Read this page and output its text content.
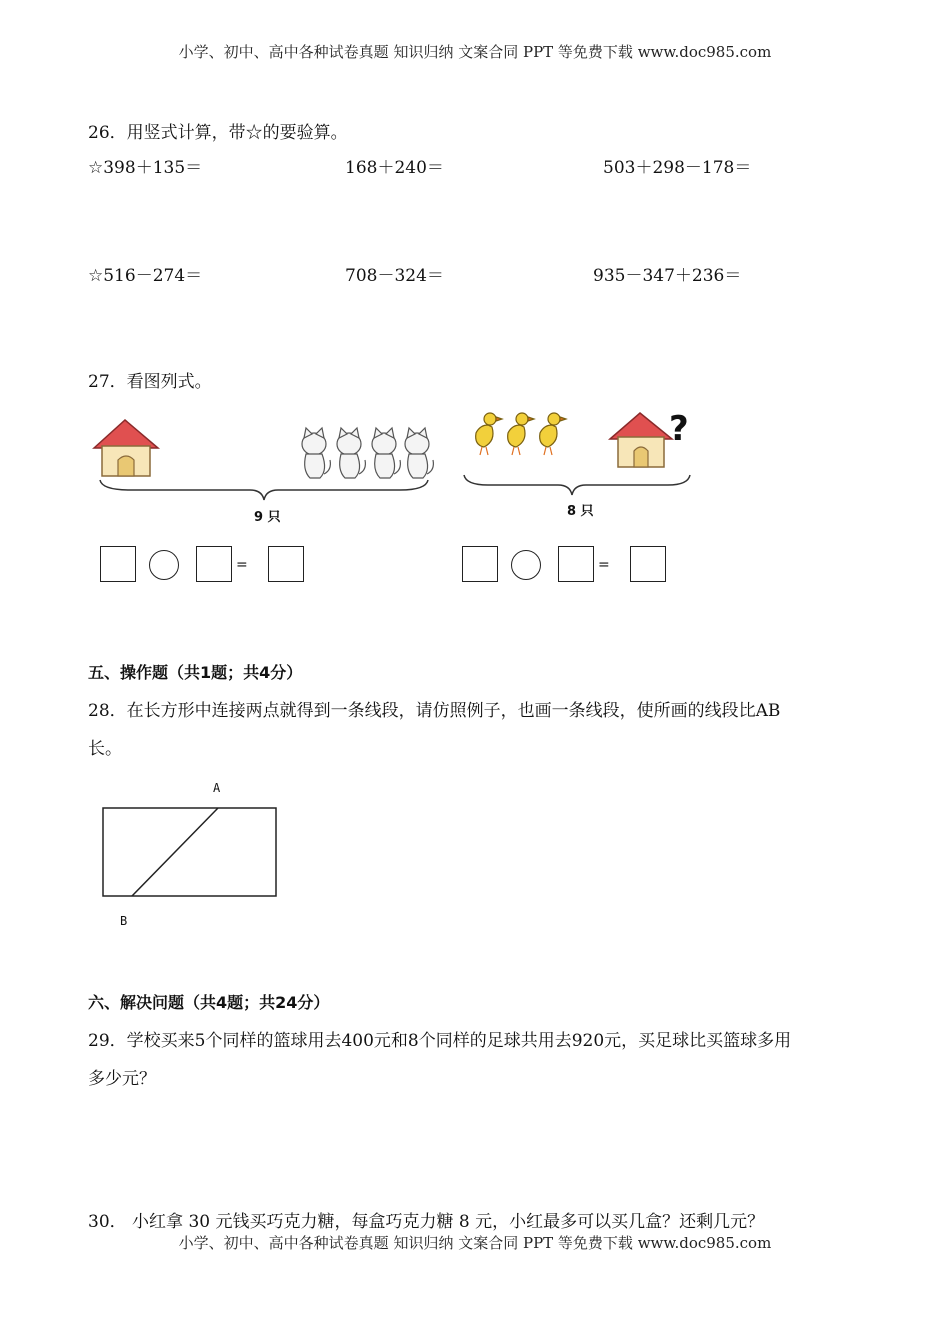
小学、初中、高中各种试卷真题 知识归纳 文案合同 PPT 等免费下载 www.doc985.com
26．用竖式计算，带☆的要验算。
☆398＋135＝	168＋240＝	503＋298－178＝
☆516－274＝	708－324＝	935－347＋236＝
27．看图列式。
9 只
?
8 只
=	=
五、操作题（共1题；共4分）
28．在长方形中连接两点就得到一条线段，请仿照例子，也画一条线段，使所画的线段比AB
长。
A
B
六、解决问题（共4题；共24分）
29．学校买来5个同样的篮球用去400元和8个同样的足球共用去920元，买足球比买篮球多用
多少元？
30． 小红拿 30 元钱买巧克力糖，每盒巧克力糖 8 元，小红最多可以买几盒？还剩几元？
小学、初中、高中各种试卷真题 知识归纳 文案合同 PPT 等免费下载 www.doc985.com
